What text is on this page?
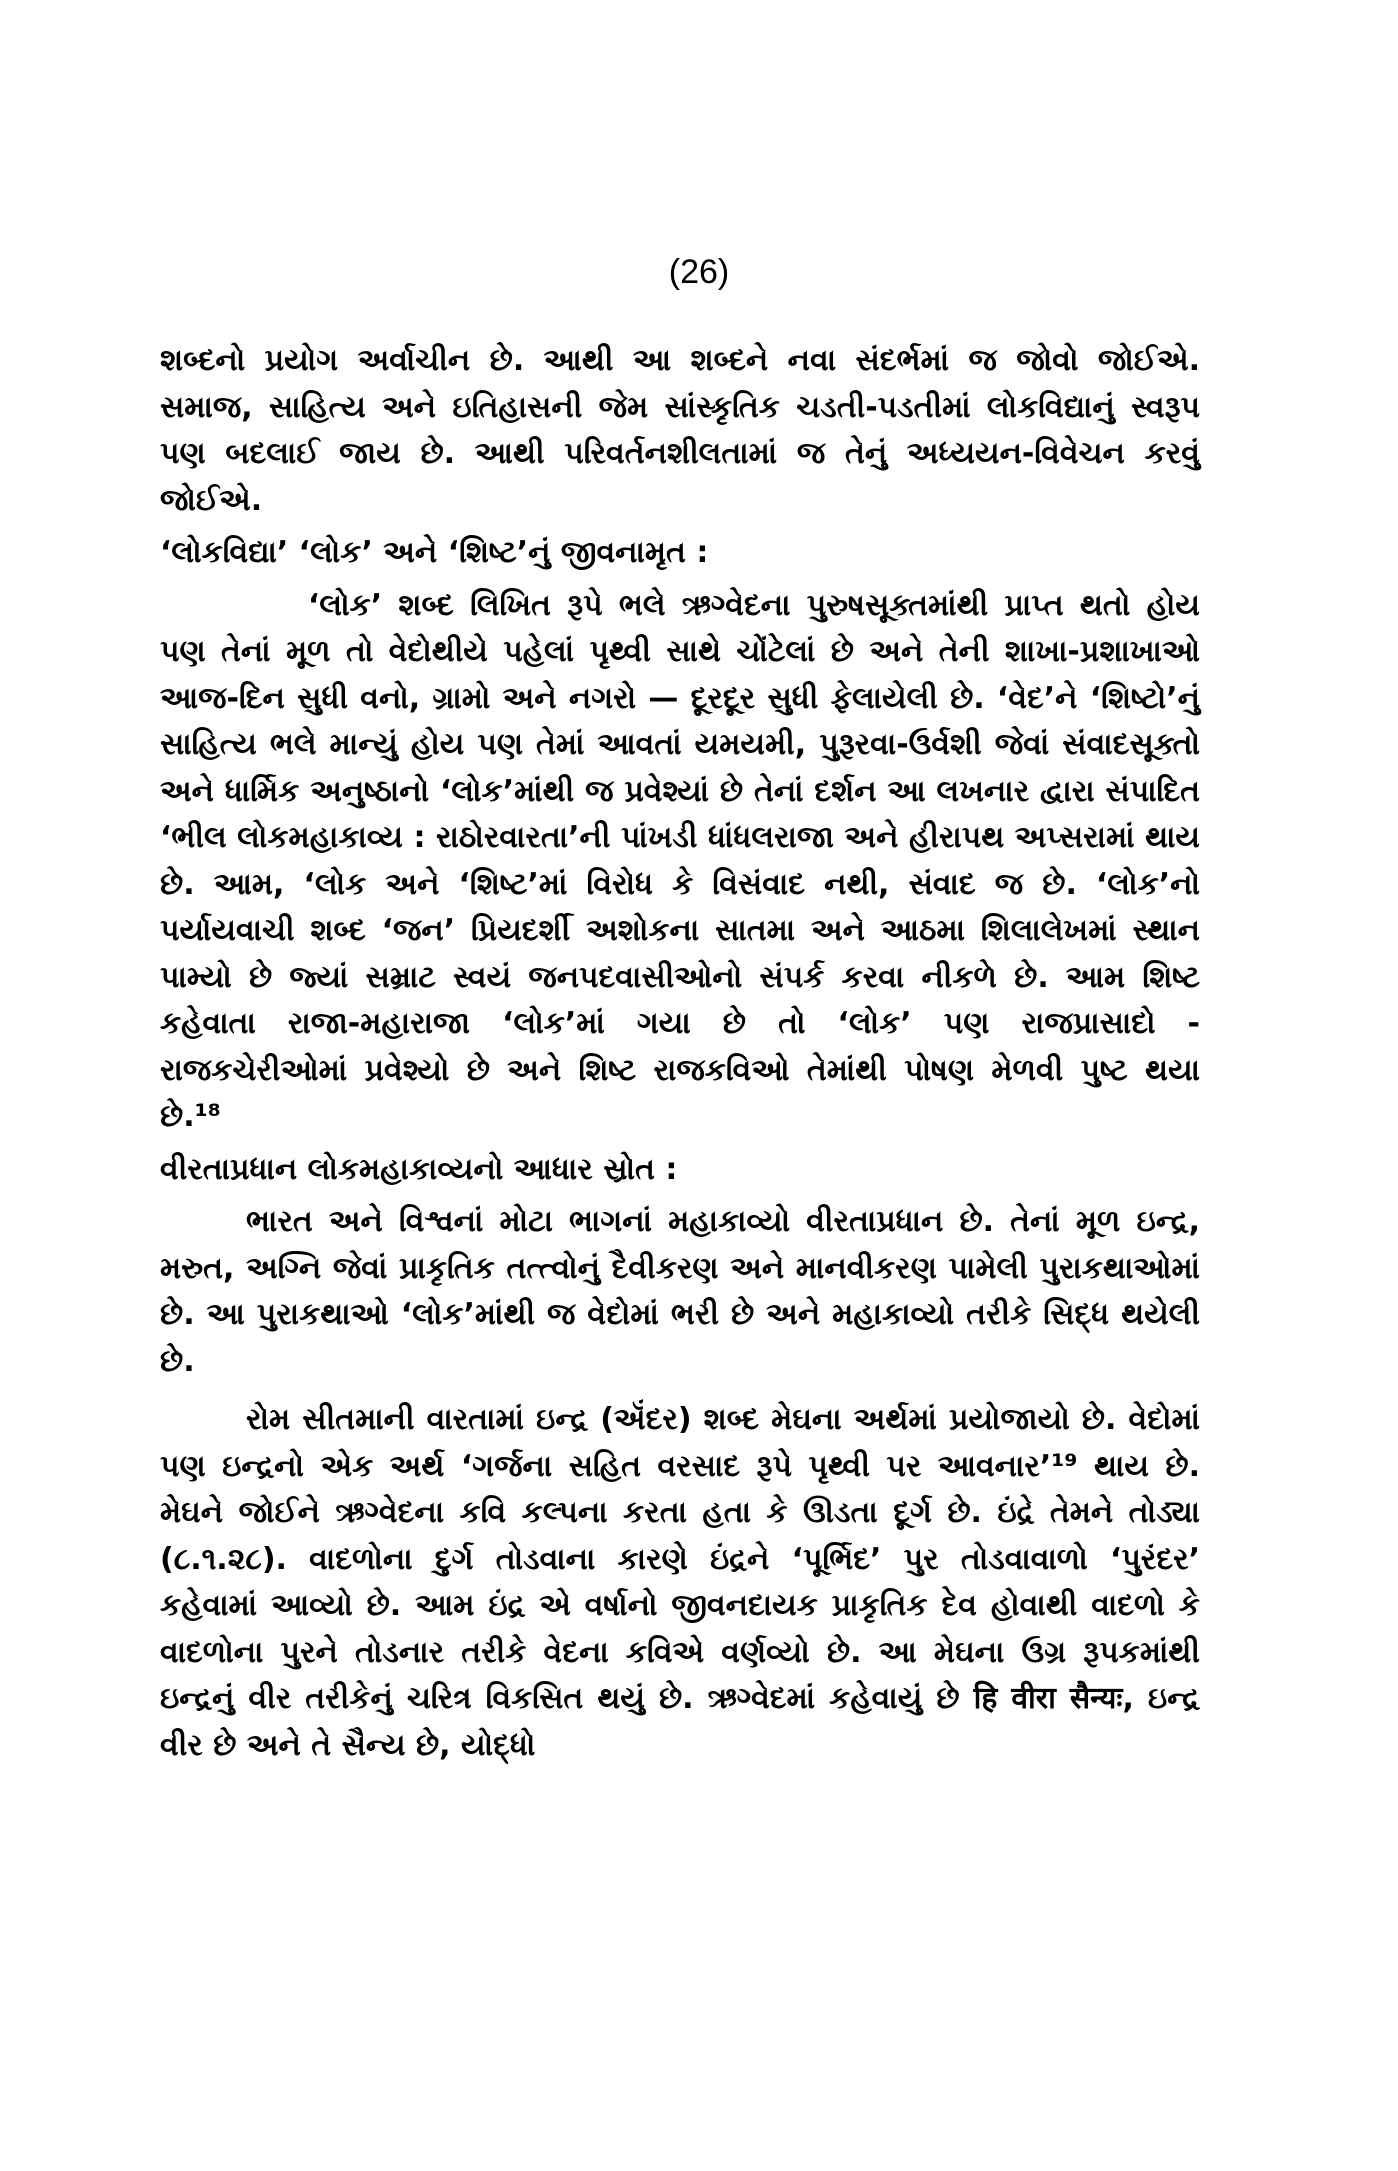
(26)

શબ્દનો પ્રયોગ અર્વાચીન છે. આથી આ શબ્દને નવા સંદર્ભમાં જ જોવો જોઈએ. સમાજ, સાહિત્ય અને ઇતિહાસની જેમ સાંસ્કૃતિક ચડતી-પડતીમાં લોકવિદ્યાનું સ્વરૂપ પણ બદલાઈ જાય છે. આથી પરિવર્તનશીલતામાં જ તેનું અધ્યયન-વિવેચન કરવું જોઈએ.

‘લોકવિદ્યા’ ‘લોક’ અને ‘શિષ્ટ’નું જીવનામૃત :

‘લોક’ શબ્દ લિખિત રૂપે ભલે ઋગ્વેદના પુરુષસૂક્તમાંથી પ્રાપ્ત થતો હોય પણ તેનાં મૂળ તો વેદોથીયે પહેલાં પૃથ્વી સાથે ચોંટેલાં છે અને તેની શાખા-પ્રશાખાઓ આજ-દિન સુધી વનો, ગ્રામો અને નગરો — દૂરદૂર સુધી ફેલાયેલી છે. ‘વેદ’ને ‘શિષ્ટો’નું સાહિત્ય ભલે માન્યું હોય પણ તેમાં આવતાં યમયમી, પુરૂરવા-ઉર્વશી જેવાં સંવાદસૂક્તો અને ધાર્મિક અનુષ્ઠાનો ‘લોક’માંથી જ પ્રવેશ્યાં છે તેનાં દર્શન આ લખનાર દ્વારા સંપાદિત ‘ભીલ લોકમહાકાવ્ય : રાઠોરવારતા’ની પાંખડી ધાંધલરાજા અને હીરાપથ અપ્સરામાં થાય છે. આમ, ‘લોક અને ‘શિષ્ટ’માં વિરોધ કે વિસંવાદ નથી, સંવાદ જ છે. ‘લોક’નો પર્યાયવાચી શબ્દ ‘જન’ પ્રિયદર્શી અશોકના સાતમા અને આઠમા શિલાલેખમાં સ્થાન પામ્યો છે જ્યાં સમ્રાટ સ્વયં જનપદવાસીઓનો સંપર્ક કરવા નીકળે છે. આમ શિષ્ટ કહેવાતા રાજા-મહારાજા ‘લોક’માં ગયા છે તો ‘લોક’ પણ રાજપ્રાસાદો - રાજકચેરીઓમાં પ્રવેશ્યો છે અને શિષ્ટ રાજકવિઓ તેમાંથી પોષણ મેળવી પુષ્ટ થયા છે.¹⁸

વીરતાપ્રધાન લોકમહાકાવ્યનો આધાર સ્રોત :

ભારત અને વિશ્વનાં મોટા ભાગનાં મહાકાવ્યો વીરતાપ્રધાન છે. તેનાં મૂળ ઇન્દ્ર, મરુત, અગ્નિ જેવાં પ્રાકૃતિક તત્ત્વોનું દૈવીકરણ અને માનવીકરણ પામેલી પુરાકથાઓમાં છે. આ પુરાકથાઓ ‘લોક’માંથી જ વેદોમાં ભરી છે અને મહાકાવ્યો તરીકે સિદ્ધ થયેલી છે.

રોમ સીતમાની વારતામાં ઇન્દ્ર (ઍંદર) શબ્દ મેઘના અર્થમાં પ્રયોજાયો છે. વેદોમાં પણ ઇન્દ્રનો એક અર્થ ‘ગર્જના સહિત વરસાદ રૂપે પૃથ્વી પર આવનાર’¹⁹ થાય છે. મેઘને જોઈને ઋગ્વેદના કવિ કલ્પના કરતા હતા કે ઊડતા દૂર્ગ છે. ઇંદ્રે તેમને તોડ્યા (૮.૧.૨૮). વાદળોના દુર્ગ તોડવાના કારણે ઇંદ્રને ‘પૂર્ભિદ’ પુર તોડવાવાળો ‘પુરંદર’ કહેવામાં આવ્યો છે. આમ ઇંદ્ર એ વર્ષાનો જીવનદાયક પ્રાકૃતિક દેવ હોવાથી વાદળો કે વાદળોના પુરને તોડનાર તરીકે વેદના કવિએ વર્ણવ્યો છે. આ મેઘના ઉગ્ર રૂપકમાંથી ઇન્દ્રનું વીર તરીકેનું ચરિત્ર વિકસિત થયું છે. ઋગ્વેદમાં કહેવાયું છે हि वीरा सैन्यः, ઇન્દ્ર વીર છે અને તે સૈન્ય છે, યોદ્ધો
